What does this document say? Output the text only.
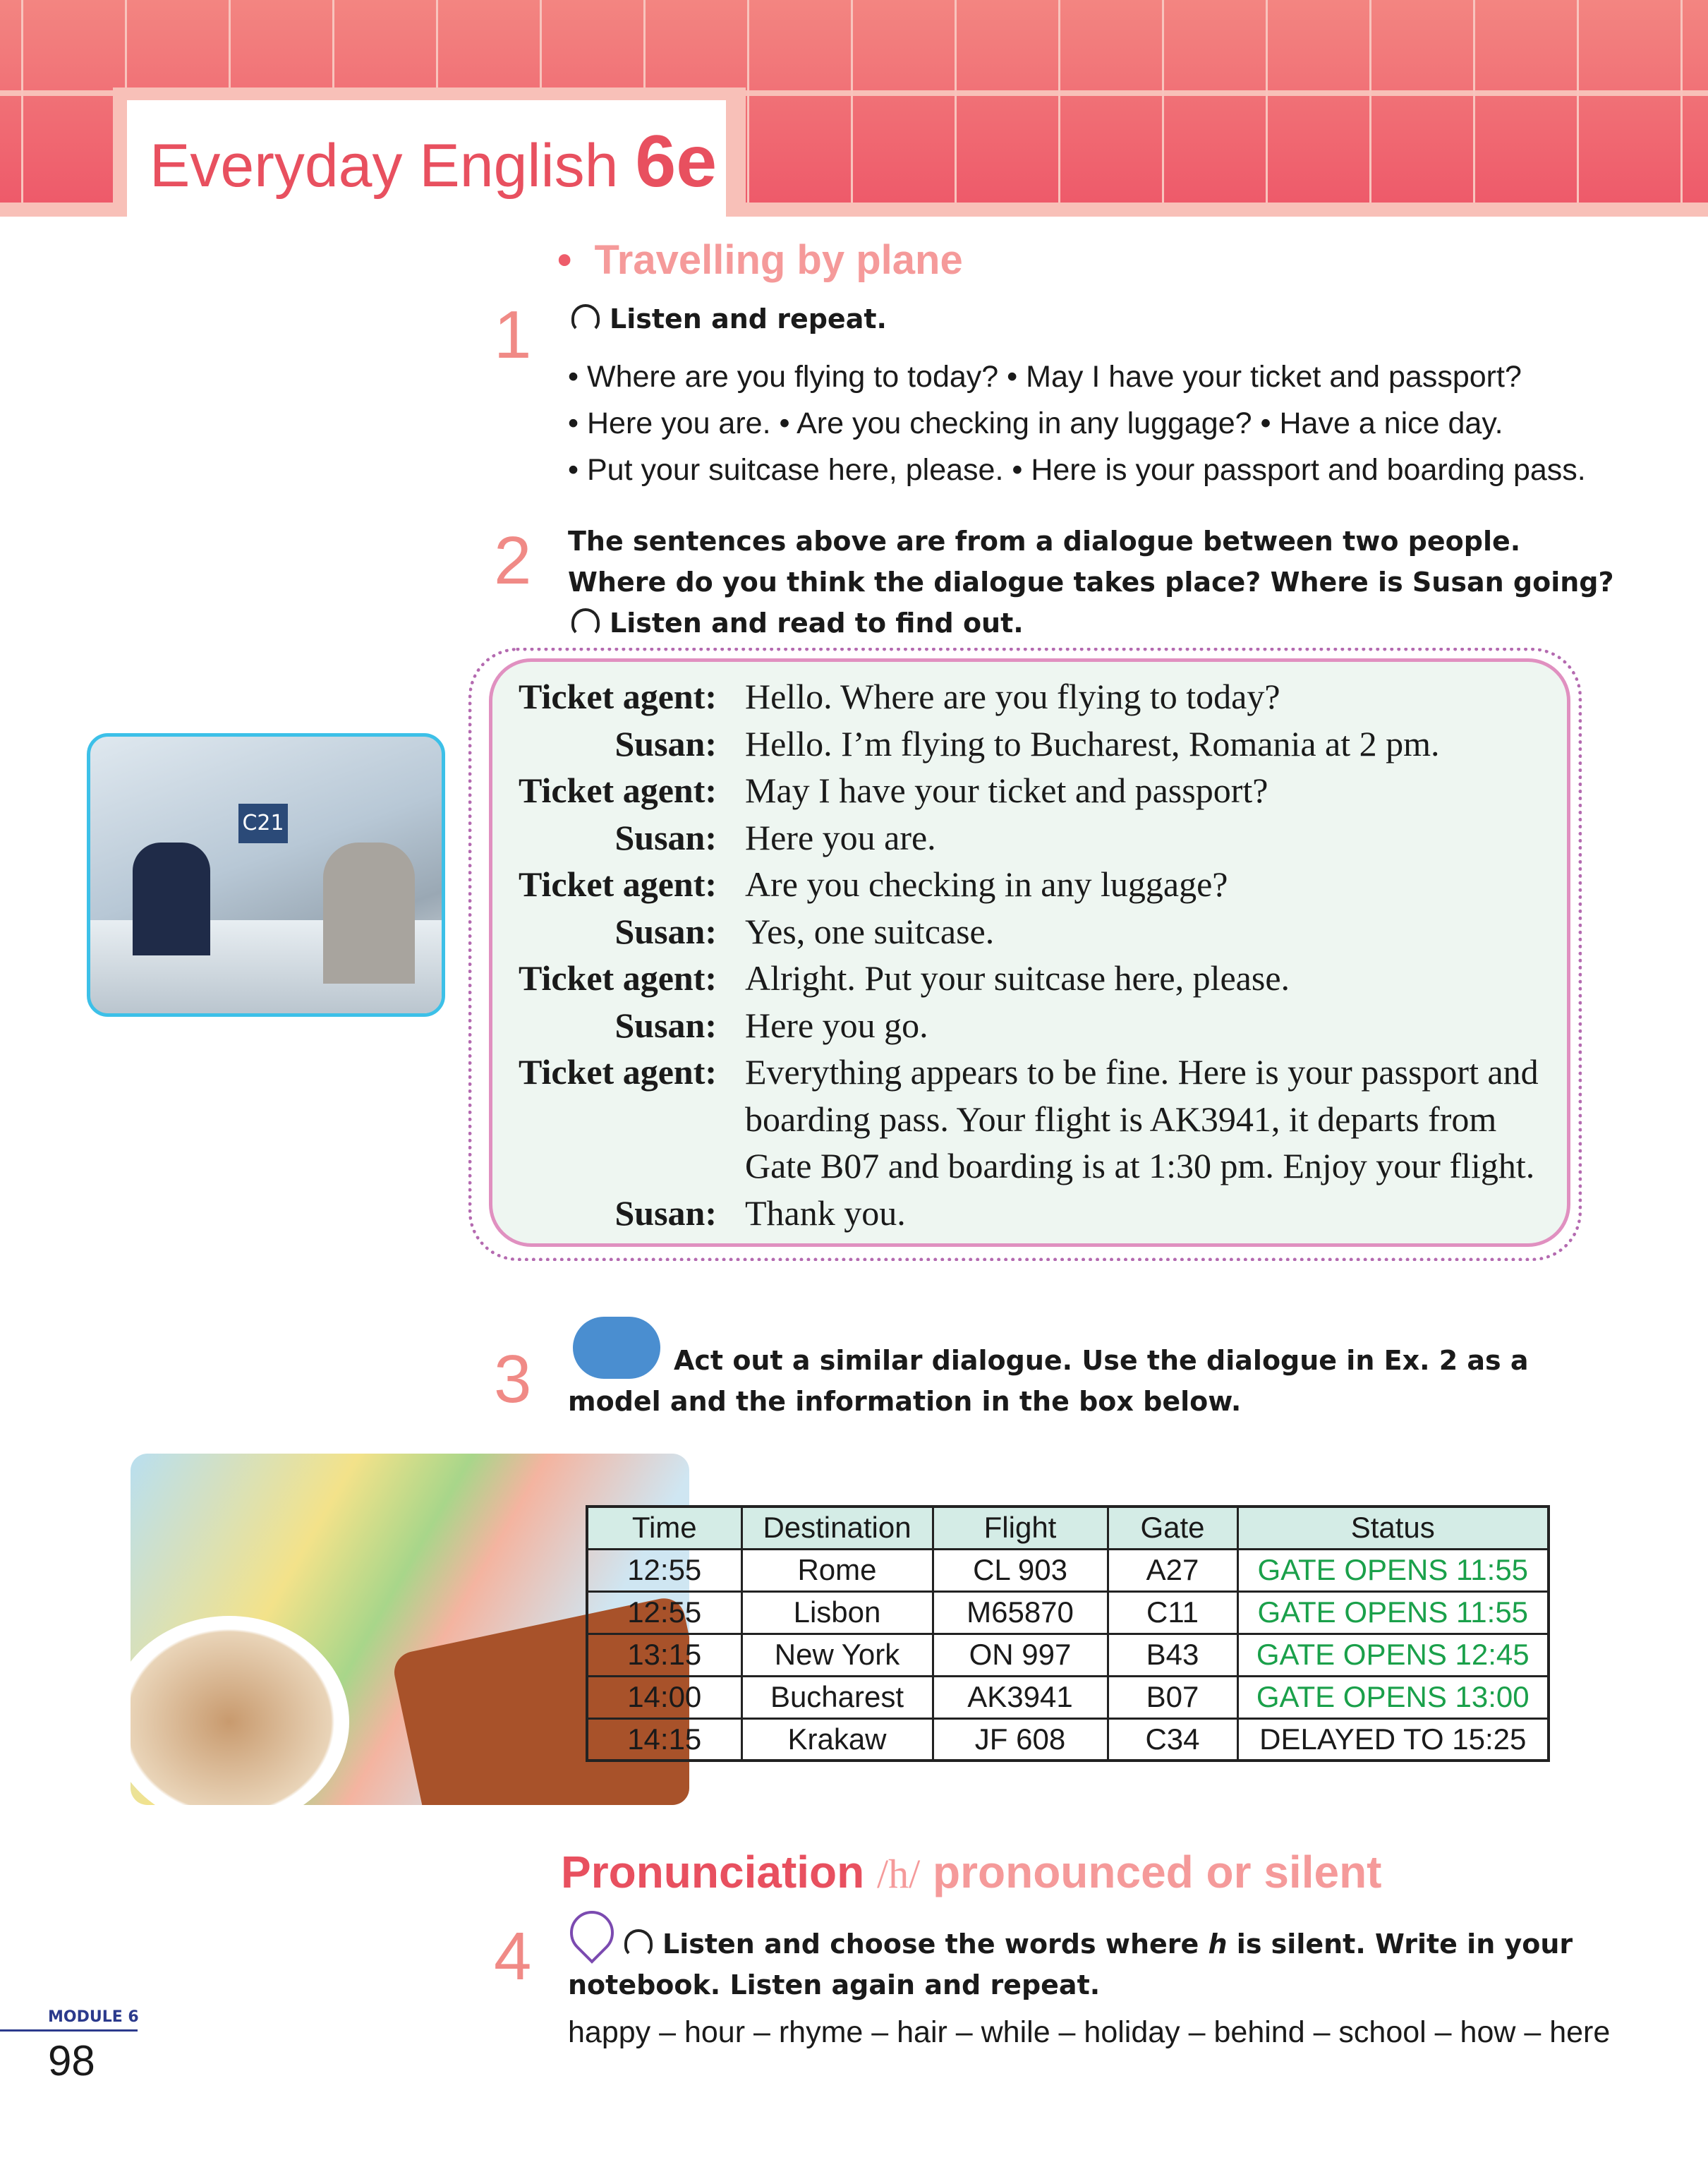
Everyday English 6e
• Travelling by plane
1	Listen and repeat.
• Where are you flying to today? • May I have your ticket and passport?
• Here you are. • Are you checking in any luggage? • Have a nice day.
• Put your suitcase here, please. • Here is your passport and boarding pass.
2 The sentences above are from a dialogue between two people.
Where do you think the dialogue takes place? Where is Susan going?
Listen and read to find out.
Ticket agent: Hello. Where are you flying to today?
Susan: Hello. I’m flying to Bucharest, Romania at 2 pm.
Ticket agent: May I have your ticket and passport?
Susan: Here you are.
Ticket agent: Are you checking in any luggage?
Susan: Yes, one suitcase.
Ticket agent: Alright. Put your suitcase here, please.
Susan: Here you go.
Ticket agent: Everything appears to be fine. Here is your passport and
boarding pass. Your flight is AK3941, it departs from
Gate B07 and boarding is at 1:30 pm. Enjoy your flight.
Susan: Thank you.
C21
3	Act out a similar dialogue. Use the dialogue in Ex. 2 as a
model and the information in the box below.
Time	Destination	Flight	Gate	Status
12:55	Rome	CL 903	A27	GATE OPENS 11:55
12:55	Lisbon	M65870	C11	GATE OPENS 11:55
13:15	New York	ON 997	B43	GATE OPENS 12:45
14:00	Bucharest	AK3941	B07	GATE OPENS 13:00
14:15	Krakaw	JF 608	C34	DELAYED TO 15:25
Pronunciation /h/ pronounced or silent
4	Listen and choose the words where h is silent. Write in your
notebook. Listen again and repeat.
happy – hour – rhyme – hair – while – holiday – behind – school – how – here
MODULE 6
98
